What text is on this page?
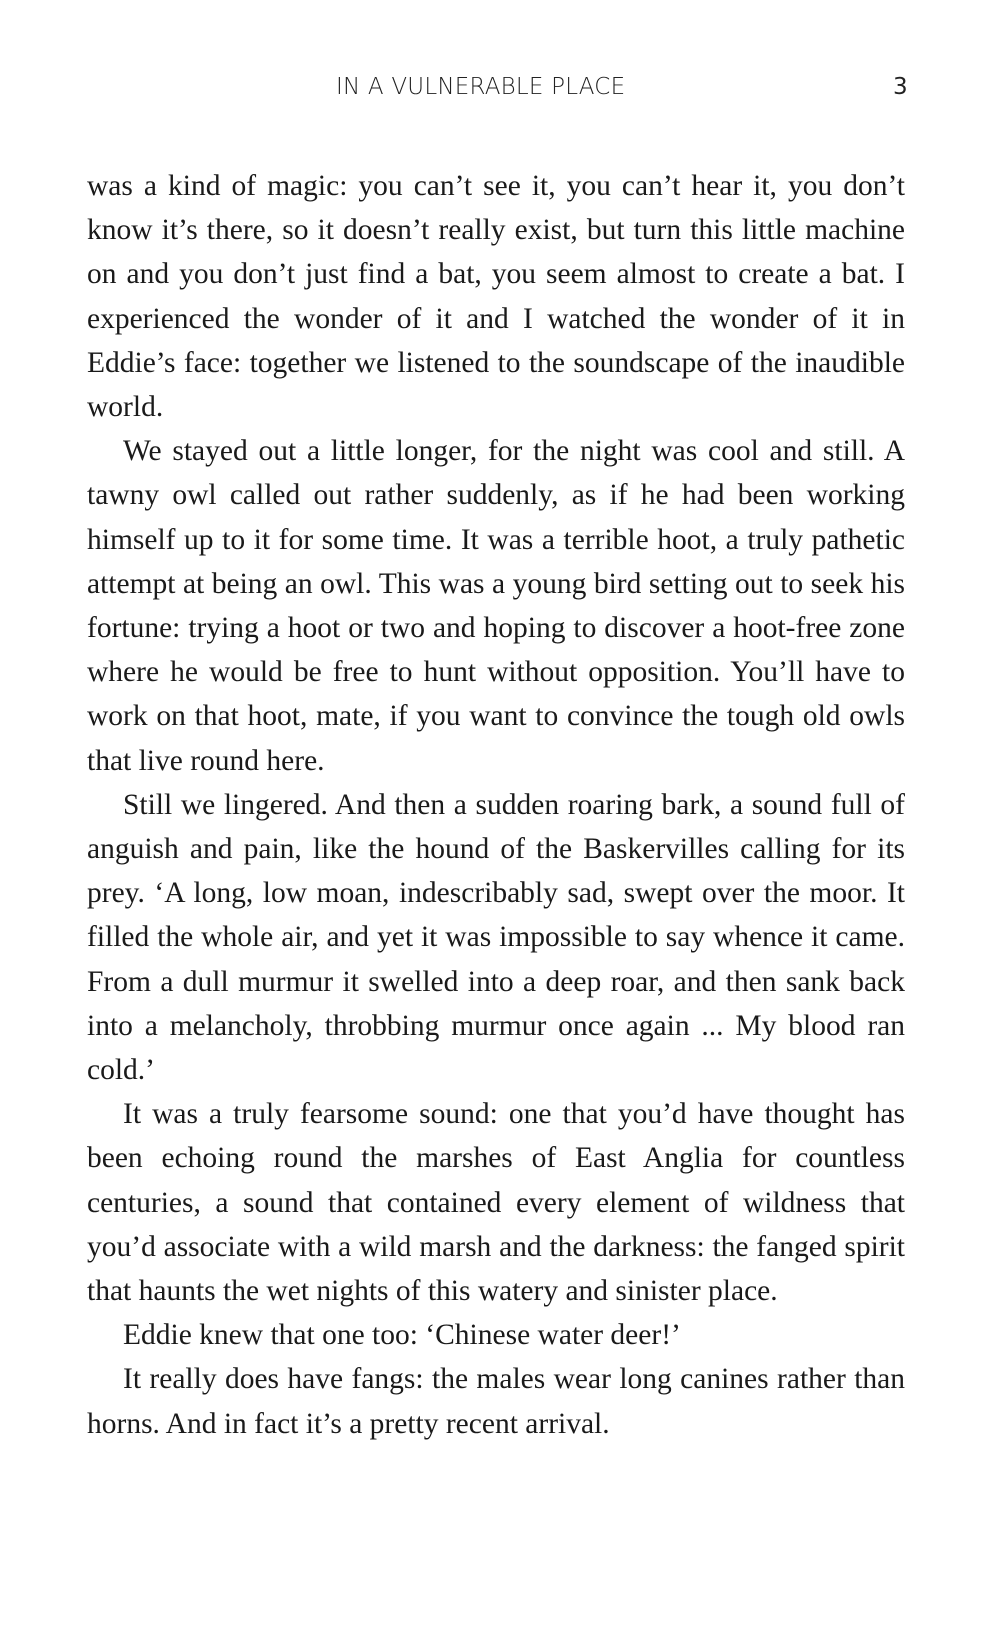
IN A VULNERABLE PLACE	3

was a kind of magic: you can’t see it, you can’t hear it, you don’t know it’s there, so it doesn’t really exist, but turn this little machine on and you don’t just find a bat, you seem almost to create a bat. I experienced the wonder of it and I watched the wonder of it in Eddie’s face: together we listened to the soundscape of the inaudible world.

We stayed out a little longer, for the night was cool and still. A tawny owl called out rather suddenly, as if he had been working himself up to it for some time. It was a terrible hoot, a truly pathetic attempt at being an owl. This was a young bird setting out to seek his fortune: trying a hoot or two and hoping to discover a hoot-free zone where he would be free to hunt without opposition. You’ll have to work on that hoot, mate, if you want to convince the tough old owls that live round here.

Still we lingered. And then a sudden roaring bark, a sound full of anguish and pain, like the hound of the Baskervilles calling for its prey. ‘A long, low moan, indescribably sad, swept over the moor. It filled the whole air, and yet it was impossible to say whence it came. From a dull murmur it swelled into a deep roar, and then sank back into a melancholy, throbbing murmur once again ... My blood ran cold.’

It was a truly fearsome sound: one that you’d have thought has been echoing round the marshes of East Anglia for countless centuries, a sound that contained every element of wildness that you’d associate with a wild marsh and the darkness: the fanged spirit that haunts the wet nights of this watery and sinister place.

Eddie knew that one too: ‘Chinese water deer!’

It really does have fangs: the males wear long canines rather than horns. And in fact it’s a pretty recent arrival.
